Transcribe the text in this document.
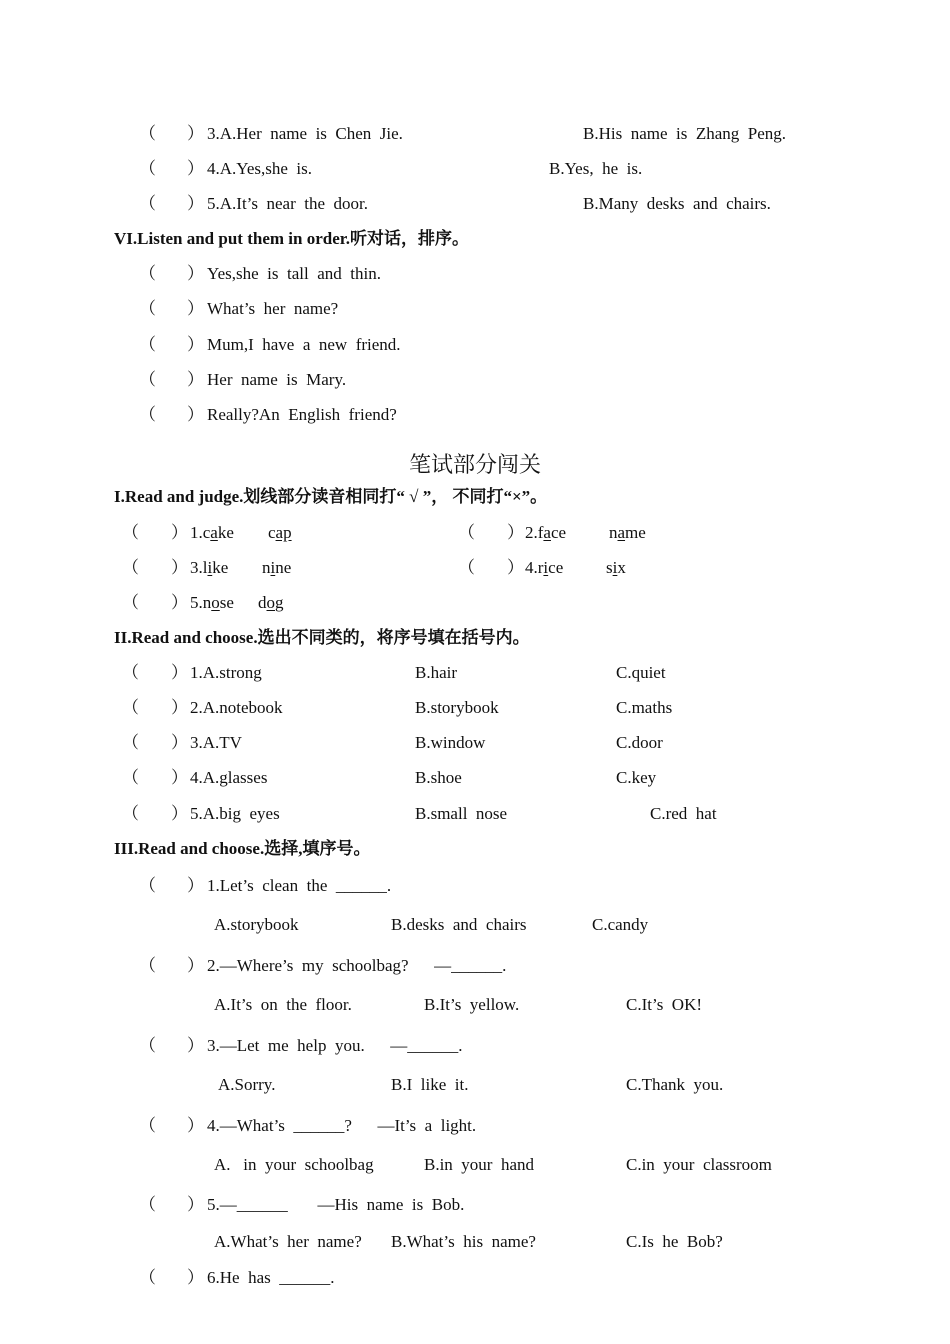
（ ） 3.A.Her  name  is  Chen  Jie.	B.His  name  is  Zhang  Peng.
（ ） 4.A.Yes,she  is.	B.Yes,  he  is.
（ ） 5.A.It’s  near  the  door.	B.Many  desks  and  chairs.
VI.Listen and put them in order.听对话，排序。
（ ） Yes,she  is  tall  and  thin.
（ ） What’s  her  name?
（ ） Mum,I  have  a  new  friend.
（ ） Her  name  is  Mary.
（ ） Really?An  English  friend?
笔试部分闯关
I.Read and judge.划线部分读音相同打“ √ ”， 不同打“×”。
（ ） 1.cake cap	（ ） 2.face	name
（ ） 3.like nine	（ ） 4.rice	six
（ ） 5.nose dog
II.Read and choose.选出不同类的，将序号填在括号内。
（ ） 1.A.strong	B.hair	C.quiet
（ ） 2.A.notebook	B.storybook	C.maths
（ ） 3.A.TV	B.window	C.door
（ ） 4.A.glasses	B.shoe	C.key
（ ） 5.A.big  eyes	B.small  nose	C.red  hat
III.Read and choose.选择,填序号。
（ ） 1.Let’s  clean  the  ______.
A.storybook	B.desks  and  chairs	C.candy
（ ） 2.—Where’s  my  schoolbag?      —______.
A.It’s  on  the  floor.	B.It’s  yellow.	C.It’s  OK!
（ ） 3.—Let  me  help  you.      —______.
A.Sorry.	B.I  like  it.	C.Thank  you.
（ ） 4.—What’s  ______?      —It’s  a  light.
A.   in  your  schoolbag	B.in  your  hand	C.in  your  classroom
（ ） 5.—______       —His  name  is  Bob.
A.What’s  her  name? B.What’s  his  name?	C.Is  he  Bob?
（ ） 6.He  has  ______.
